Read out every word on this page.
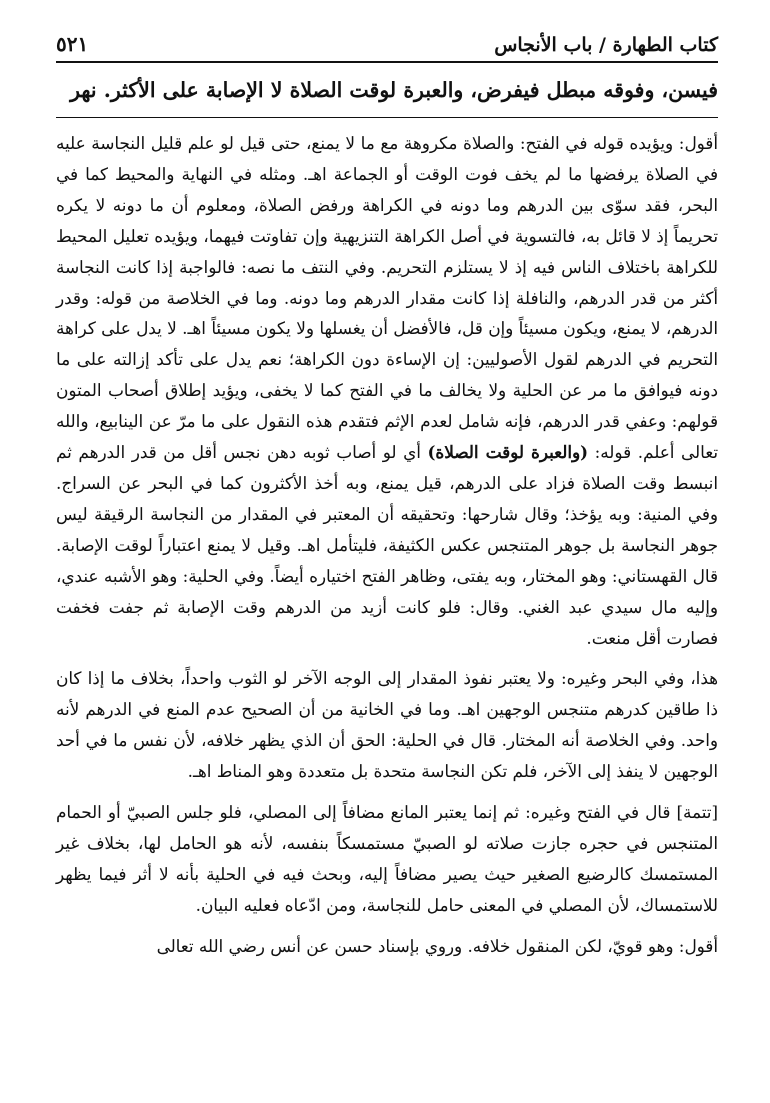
كتاب الطهارة / باب الأنجاس
٥٢١

فيسن، وفوقه مبطل فيفرض، والعبرة لوقت الصلاة لا الإصابة على الأكثر. نهر

أقول: ويؤيده قوله في الفتح: والصلاة مكروهة مع ما لا يمنع، حتى قيل لو علم قليل النجاسة عليه في الصلاة يرفضها ما لم يخف فوت الوقت أو الجماعة اهـ. ومثله في النهاية والمحيط كما في البحر، فقد سوّى بين الدرهم وما دونه في الكراهة ورفض الصلاة، ومعلوم أن ما دونه لا يكره تحريماً إذ لا قائل به، فالتسوية في أصل الكراهة التنزيهية وإن تفاوتت فيهما، ويؤيده تعليل المحيط للكراهة باختلاف الناس فيه إذ لا يستلزم التحريم. وفي النتف ما نصه: فالواجبة إذا كانت النجاسة أكثر من قدر الدرهم، والنافلة إذا كانت مقدار الدرهم وما دونه. وما في الخلاصة من قوله: وقدر الدرهم، لا يمنع، ويكون مسيئاً وإن قل، فالأفضل أن يغسلها ولا يكون مسيئاً اهـ. لا يدل على كراهة التحريم في الدرهم لقول الأصوليين: إن الإساءة دون الكراهة؛ نعم يدل على تأكد إزالته على ما دونه فيوافق ما مر عن الحلية ولا يخالف ما في الفتح كما لا يخفى، ويؤيد إطلاق أصحاب المتون قولهم: وعفي قدر الدرهم، فإنه شامل لعدم الإثم فتقدم هذه النقول على ما مرّ عن الينابيع، والله تعالى أعلم. قوله: (والعبرة لوقت الصلاة) أي لو أصاب ثوبه دهن نجس أقل من قدر الدرهم ثم انبسط وقت الصلاة فزاد على الدرهم، قيل يمنع، وبه أخذ الأكثرون كما في البحر عن السراج. وفي المنية: وبه يؤخذ؛ وقال شارحها: وتحقيقه أن المعتبر في المقدار من النجاسة الرقيقة ليس جوهر النجاسة بل جوهر المتنجس عكس الكثيفة، فليتأمل اهـ. وقيل لا يمنع اعتباراً لوقت الإصابة. قال القهستاني: وهو المختار، وبه يفتى، وظاهر الفتح اختياره أيضاً. وفي الحلية: وهو الأشبه عندي، وإليه مال سيدي عبد الغني. وقال: فلو كانت أزيد من الدرهم وقت الإصابة ثم جفت فخفت فصارت أقل منعت.

هذا، وفي البحر وغيره: ولا يعتبر نفوذ المقدار إلى الوجه الآخر لو الثوب واحداً، بخلاف ما إذا كان ذا طاقين كدرهم متنجس الوجهين اهـ. وما في الخانية من أن الصحيح عدم المنع في الدرهم لأنه واحد. وفي الخلاصة أنه المختار. قال في الحلية: الحق أن الذي يظهر خلافه، لأن نفس ما في أحد الوجهين لا ينفذ إلى الآخر، فلم تكن النجاسة متحدة بل متعددة وهو المناط اهـ.

[تتمة] قال في الفتح وغيره: ثم إنما يعتبر المانع مضافاً إلى المصلي، فلو جلس الصبيّ أو الحمام المتنجس في حجره جازت صلاته لو الصبيّ مستمسكاً بنفسه، لأنه هو الحامل لها، بخلاف غير المستمسك كالرضيع الصغير حيث يصير مضافاً إليه، وبحث فيه في الحلية بأنه لا أثر فيما يظهر للاستمساك، لأن المصلي في المعنى حامل للنجاسة، ومن ادّعاه فعليه البيان.

أقول: وهو قويّ، لكن المنقول خلافه. وروي بإسناد حسن عن أنس رضي الله تعالى
